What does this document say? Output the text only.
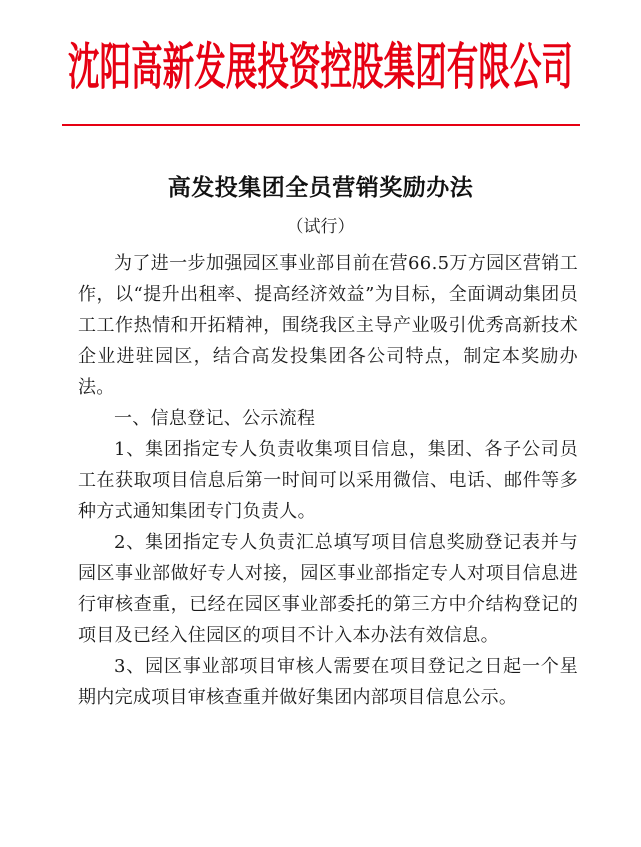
沈阳高新发展投资控股集团有限公司
高发投集团全员营销奖励办法
（试行）

为了进一步加强园区事业部目前在营66.5万方园区营销工作，以“提升出租率、提高经济效益”为目标，全面调动集团员工工作热情和开拓精神，围绕我区主导产业吸引优秀高新技术企业进驻园区，结合高发投集团各公司特点，制定本奖励办法。

一、信息登记、公示流程

1、集团指定专人负责收集项目信息，集团、各子公司员工在获取项目信息后第一时间可以采用微信、电话、邮件等多种方式通知集团专门负责人。

2、集团指定专人负责汇总填写项目信息奖励登记表并与园区事业部做好专人对接，园区事业部指定专人对项目信息进行审核查重，已经在园区事业部委托的第三方中介结构登记的项目及已经入住园区的项目不计入本办法有效信息。

3、园区事业部项目审核人需要在项目登记之日起一个星期内完成项目审核查重并做好集团内部项目信息公示。
